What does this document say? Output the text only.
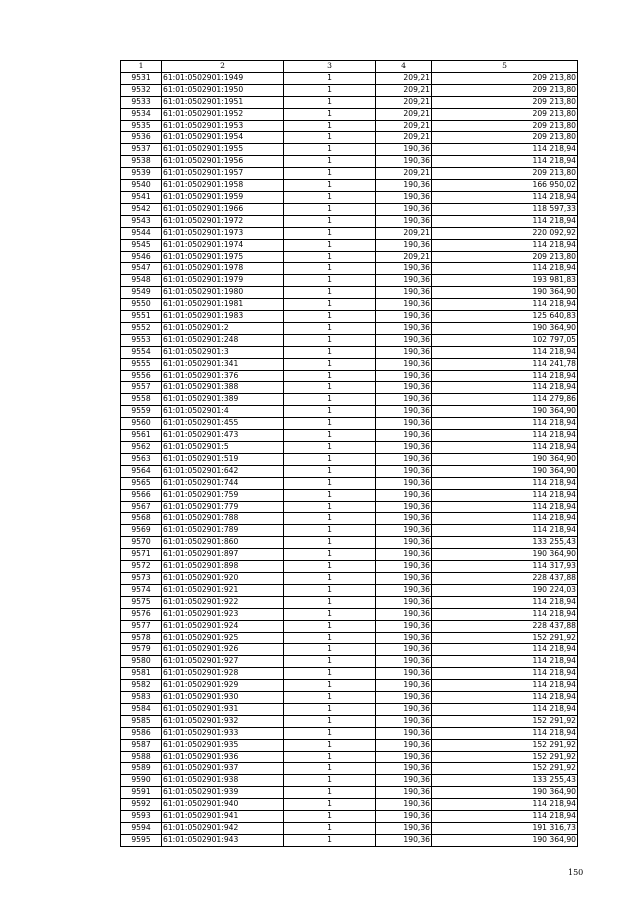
1	2	3	4	5
9531	61:01:0502901:1949	1	209,21	209 213,80
9532	61:01:0502901:1950	1	209,21	209 213,80
9533	61:01:0502901:1951	1	209,21	209 213,80
9534	61:01:0502901:1952	1	209,21	209 213,80
9535	61:01:0502901:1953	1	209,21	209 213,80
9536	61:01:0502901:1954	1	209,21	209 213,80
9537	61:01:0502901:1955	1	190,36	114 218,94
9538	61:01:0502901:1956	1	190,36	114 218,94
9539	61:01:0502901:1957	1	209,21	209 213,80
9540	61:01:0502901:1958	1	190,36	166 950,02
9541	61:01:0502901:1959	1	190,36	114 218,94
9542	61:01:0502901:1966	1	190,36	118 597,33
9543	61:01:0502901:1972	1	190,36	114 218,94
9544	61:01:0502901:1973	1	209,21	220 092,92
9545	61:01:0502901:1974	1	190,36	114 218,94
9546	61:01:0502901:1975	1	209,21	209 213,80
9547	61:01:0502901:1978	1	190,36	114 218,94
9548	61:01:0502901:1979	1	190,36	193 981,83
9549	61:01:0502901:1980	1	190,36	190 364,90
9550	61:01:0502901:1981	1	190,36	114 218,94
9551	61:01:0502901:1983	1	190,36	125 640,83
9552	61:01:0502901:2	1	190,36	190 364,90
9553	61:01:0502901:248	1	190,36	102 797,05
9554	61:01:0502901:3	1	190,36	114 218,94
9555	61:01:0502901:341	1	190,36	114 241,78
9556	61:01:0502901:376	1	190,36	114 218,94
9557	61:01:0502901:388	1	190,36	114 218,94
9558	61:01:0502901:389	1	190,36	114 279,86
9559	61:01:0502901:4	1	190,36	190 364,90
9560	61:01:0502901:455	1	190,36	114 218,94
9561	61:01:0502901:473	1	190,36	114 218,94
9562	61:01:0502901:5	1	190,36	114 218,94
9563	61:01:0502901:519	1	190,36	190 364,90
9564	61:01:0502901:642	1	190,36	190 364,90
9565	61:01:0502901:744	1	190,36	114 218,94
9566	61:01:0502901:759	1	190,36	114 218,94
9567	61:01:0502901:779	1	190,36	114 218,94
9568	61:01:0502901:788	1	190,36	114 218,94
9569	61:01:0502901:789	1	190,36	114 218,94
9570	61:01:0502901:860	1	190,36	133 255,43
9571	61:01:0502901:897	1	190,36	190 364,90
9572	61:01:0502901:898	1	190,36	114 317,93
9573	61:01:0502901:920	1	190,36	228 437,88
9574	61:01:0502901:921	1	190,36	190 224,03
9575	61:01:0502901:922	1	190,36	114 218,94
9576	61:01:0502901:923	1	190,36	114 218,94
9577	61:01:0502901:924	1	190,36	228 437,88
9578	61:01:0502901:925	1	190,36	152 291,92
9579	61:01:0502901:926	1	190,36	114 218,94
9580	61:01:0502901:927	1	190,36	114 218,94
9581	61:01:0502901:928	1	190,36	114 218,94
9582	61:01:0502901:929	1	190,36	114 218,94
9583	61:01:0502901:930	1	190,36	114 218,94
9584	61:01:0502901:931	1	190,36	114 218,94
9585	61:01:0502901:932	1	190,36	152 291,92
9586	61:01:0502901:933	1	190,36	114 218,94
9587	61:01:0502901:935	1	190,36	152 291,92
9588	61:01:0502901:936	1	190,36	152 291,92
9589	61:01:0502901:937	1	190,36	152 291,92
9590	61:01:0502901:938	1	190,36	133 255,43
9591	61:01:0502901:939	1	190,36	190 364,90
9592	61:01:0502901:940	1	190,36	114 218,94
9593	61:01:0502901:941	1	190,36	114 218,94
9594	61:01:0502901:942	1	190,36	191 316,73
9595	61:01:0502901:943	1	190,36	190 364,90
150
